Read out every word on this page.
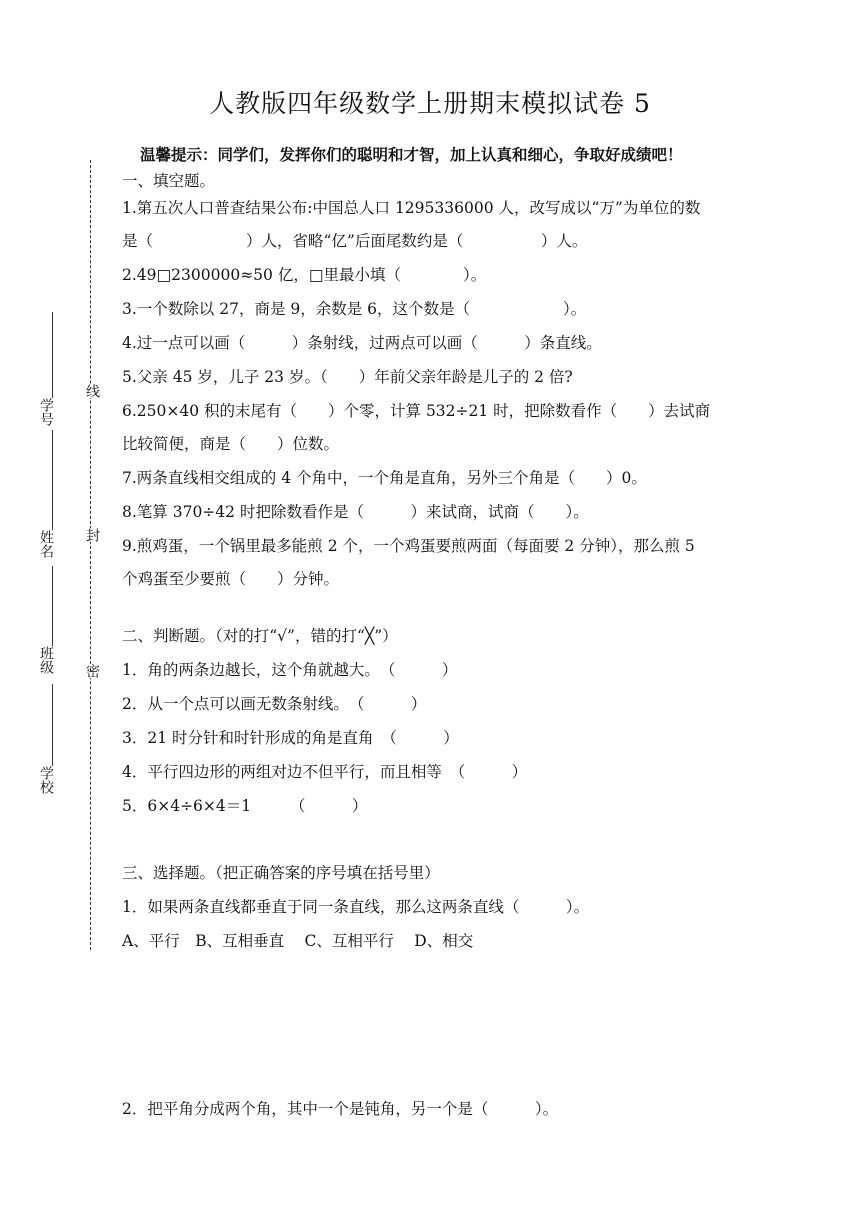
人教版四年级数学上册期末模拟试卷 5
温馨提示：同学们，发挥你们的聪明和才智，加上认真和细心，争取好成绩吧！
学号
姓名
班级
学校
线
封
密
一、填空题。
1.第五次人口普查结果公布:中国总人口 1295336000 人，改写成以“万”为单位的数
是（　　　　　　）人，省略“亿”后面尾数约是（　　　　　）人。
2.49□2300000≈50 亿，□里最小填（　　　　）。
3.一个数除以 27，商是 9，余数是 6，这个数是（　　　　　　）。
4.过一点可以画（　　　）条射线，过两点可以画（　　　）条直线。
5.父亲 45 岁，儿子 23 岁。（　　）年前父亲年龄是儿子的 2 倍?
6.250×40 积的末尾有（　　）个零，计算 532÷21 时，把除数看作（　　）去试商
比较简便，商是（　　）位数。
7.两条直线相交组成的 4 个角中，一个角是直角，另外三个角是（　　）0。
8.笔算 370÷42 时把除数看作是（　　　）来试商，试商（　　）。
9.煎鸡蛋，一个锅里最多能煎 2 个，一个鸡蛋要煎两面（每面要 2 分钟），那么煎 5
个鸡蛋至少要煎（　　）分钟。
二、判断题。（对的打“√”，错的打“╳”）
1．角的两条边越长，这个角就越大。　（　　　）
2．从一个点可以画无数条射线。　（　　　）
3．21 时分针和时针形成的角是直角　（　　　）
4．平行四边形的两组对边不但平行，而且相等　（　　　）
5．6×4÷6×4＝1　　　（　　　）
三、选择题。（把正确答案的序号填在括号里）
1．如果两条直线都垂直于同一条直线，那么这两条直线（　　　）。
A、平行　B、互相垂直　 C、互相平行　 D、相交
2．把平角分成两个角，其中一个是钝角，另一个是（　　　）。
